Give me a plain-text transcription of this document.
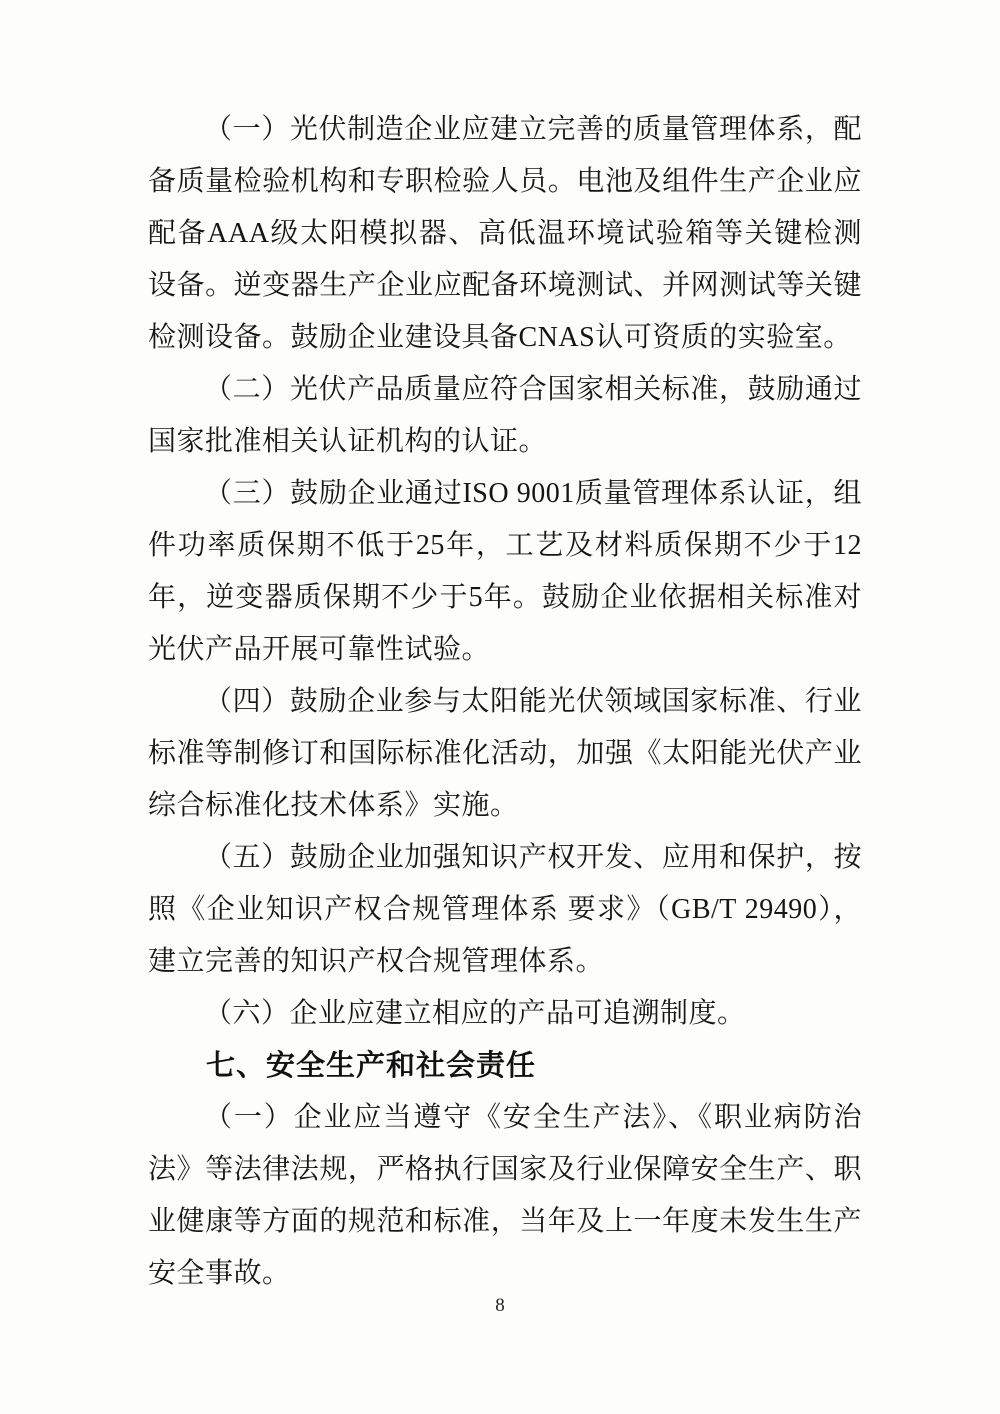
（一）光伏制造企业应建立完善的质量管理体系，配备质量检验机构和专职检验人员。电池及组件生产企业应配备AAA级太阳模拟器、高低温环境试验箱等关键检测设备。逆变器生产企业应配备环境测试、并网测试等关键检测设备。鼓励企业建设具备CNAS认可资质的实验室。

（二）光伏产品质量应符合国家相关标准，鼓励通过国家批准相关认证机构的认证。

（三）鼓励企业通过ISO 9001质量管理体系认证，组件功率质保期不低于25年，工艺及材料质保期不少于12年，逆变器质保期不少于5年。鼓励企业依据相关标准对光伏产品开展可靠性试验。

（四）鼓励企业参与太阳能光伏领域国家标准、行业标准等制修订和国际标准化活动，加强《太阳能光伏产业综合标准化技术体系》实施。

（五）鼓励企业加强知识产权开发、应用和保护，按照《企业知识产权合规管理体系 要求》（GB/T 29490），建立完善的知识产权合规管理体系。

（六）企业应建立相应的产品可追溯制度。

七、安全生产和社会责任

（一）企业应当遵守《安全生产法》、《职业病防治法》等法律法规，严格执行国家及行业保障安全生产、职业健康等方面的规范和标准，当年及上一年度未发生生产安全事故。

8
